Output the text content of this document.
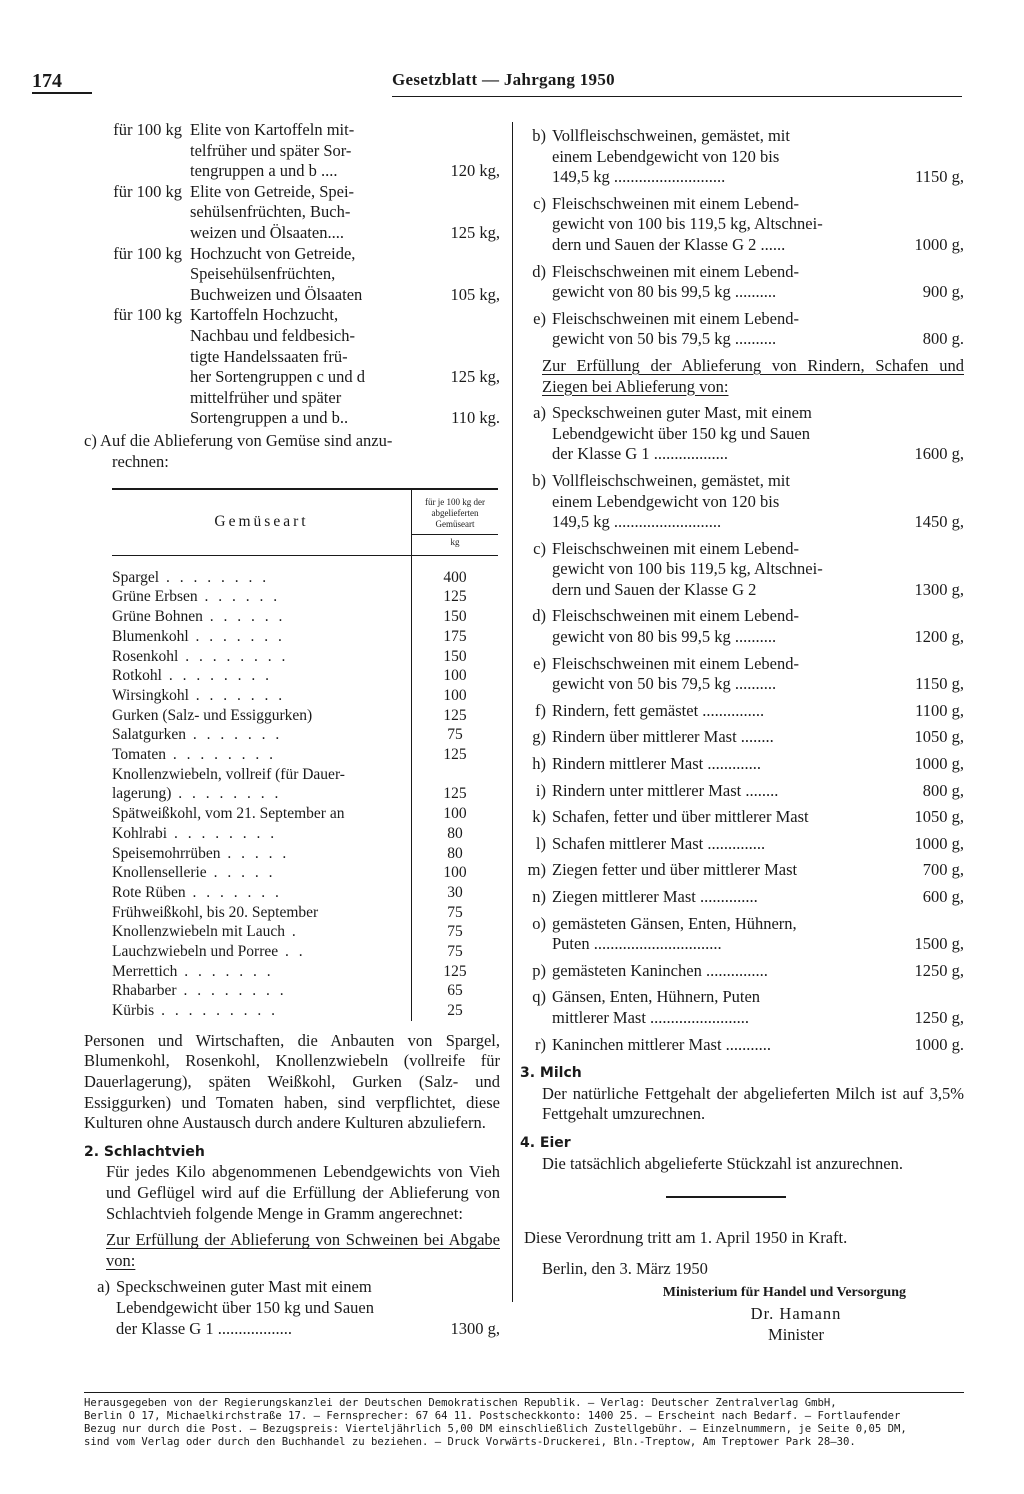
174	Gesetzblatt — Jahrgang 1950
für 100 kg Elite von Kartoffeln mit-
telfrüher und später Sor-
tengruppen a und b ....	120 kg,
für 100 kg Elite von Getreide, Spei-
sehülsenfrüchten, Buch-
weizen und Ölsaaten....	125 kg,
für 100 kg Hochzucht von Getreide,
Speisehülsenfrüchten,
Buchweizen und Ölsaaten	105 kg,
für 100 kg Kartoffeln Hochzucht,
Nachbau und feldbesich-
tigte Handelssaaten frü-
her Sortengruppen c und d	125 kg,
mittelfrüher und später
Sortengruppen a und b..	110 kg.
c) Auf die Ablieferung von Gemüse sind anzu-
rechnen:
Gemüseart	für je 100 kg der abgelieferten Gemüseart
kg

Spargel . . . . . . . .	400
Grüne Erbsen . . . . . .	125
Grüne Bohnen . . . . . .	150
Blumenkohl . . . . . . .	175
Rosenkohl . . . . . . . .	150
Rotkohl . . . . . . . .	100
Wirsingkohl . . . . . . .	100
Gurken (Salz- und Essiggurken)	125
Salatgurken . . . . . . .	75
Tomaten . . . . . . . .	125
Knollenzwiebeln, vollreif (für Dauer-	
lagerung) . . . . . . . .	125
Spätweißkohl, vom 21. September an	100
Kohlrabi . . . . . . . .	80
Speisemohrrüben . . . . .	80
Knollensellerie . . . . .	100
Rote Rüben . . . . . . .	30
Frühweißkohl, bis 20. September	75
Knollenzwiebeln mit Lauch .	75
Lauchzwiebeln und Porree . .	75
Merrettich . . . . . . .	125
Rhabarber . . . . . . . .	65
Kürbis . . . . . . . . .	25
Personen und Wirtschaften, die Anbauten von Spargel, Blumenkohl, Rosenkohl, Knollenzwiebeln (vollreife für Dauerlagerung), späten Weißkohl, Gurken (Salz- und Essiggurken) und Tomaten haben, sind verpflichtet, diese Kulturen ohne Austausch durch andere Kulturen abzuliefern.
2. Schlachtvieh
Für jedes Kilo abgenommenen Lebendgewichts von Vieh und Geflügel wird auf die Erfüllung der Ablieferung von Schlachtvieh folgende Menge in Gramm angerechnet:
Zur Erfüllung der Ablieferung von Schweinen bei Abgabe von:
a) Speckschweinen guter Mast mit einem
Lebendgewicht über 150 kg und Sauen
der Klasse G 1 ..................	1300 g,
b) Vollfleischschweinen, gemästet, mit
einem Lebendgewicht von 120 bis
149,5 kg ...........................	1150 g,
c) Fleischschweinen mit einem Lebend-
gewicht von 100 bis 119,5 kg, Altschnei-
dern und Sauen der Klasse G 2 ......	1000 g,
d) Fleischschweinen mit einem Lebend-
gewicht von 80 bis 99,5 kg ..........	900 g,
e) Fleischschweinen mit einem Lebend-
gewicht von 50 bis 79,5 kg ..........	800 g.
Zur Erfüllung der Ablieferung von Rindern, Schafen und Ziegen bei Ablieferung von:
a) Speckschweinen guter Mast, mit einem
Lebendgewicht über 150 kg und Sauen
der Klasse G 1 ..................	1600 g,
b) Vollfleischschweinen, gemästet, mit
einem Lebendgewicht von 120 bis
149,5 kg ..........................	1450 g,
c) Fleischschweinen mit einem Lebend-
gewicht von 100 bis 119,5 kg, Altschnei-
dern und Sauen der Klasse G 2	1300 g,
d) Fleischschweinen mit einem Lebend-
gewicht von 80 bis 99,5 kg ..........	1200 g,
e) Fleischschweinen mit einem Lebend-
gewicht von 50 bis 79,5 kg ..........	1150 g,
f) Rindern, fett gemästet ...............	1100 g,
g) Rindern über mittlerer Mast ........	1050 g,
h) Rindern mittlerer Mast .............	1000 g,
i) Rindern unter mittlerer Mast ........	800 g,
k) Schafen, fetter und über mittlerer Mast	1050 g,
l) Schafen mittlerer Mast ..............	1000 g,
m) Ziegen fetter und über mittlerer Mast	700 g,
n) Ziegen mittlerer Mast ..............	600 g,
o) gemästeten Gänsen, Enten, Hühnern,
Puten ...............................	1500 g,
p) gemästeten Kaninchen ...............	1250 g,
q) Gänsen, Enten, Hühnern, Puten
mittlerer Mast ........................	1250 g,
r) Kaninchen mittlerer Mast ...........	1000 g.
3. Milch
Der natürliche Fettgehalt der abgelieferten Milch ist auf 3,5% Fettgehalt umzurechnen.
4. Eier
Die tatsächlich abgelieferte Stückzahl ist anzurechnen.
Diese Verordnung tritt am 1. April 1950 in Kraft.
Berlin, den 3. März 1950
Ministerium für Handel und Versorgung
Dr. Hamann
Minister
Herausgegeben von der Regierungskanzlei der Deutschen Demokratischen Republik. — Verlag: Deutscher Zentralverlag GmbH,
Berlin O 17, Michaelkirchstraße 17. — Fernsprecher: 67 64 11. Postscheckkonto: 1400 25. — Erscheint nach Bedarf. — Fortlaufender
Bezug nur durch die Post. — Bezugspreis: Vierteljährlich 5,00 DM einschließlich Zustellgebühr. — Einzelnummern, je Seite 0,05 DM,
sind vom Verlag oder durch den Buchhandel zu beziehen. — Druck Vorwärts-Druckerei, Bln.-Treptow, Am Treptower Park 28—30.
